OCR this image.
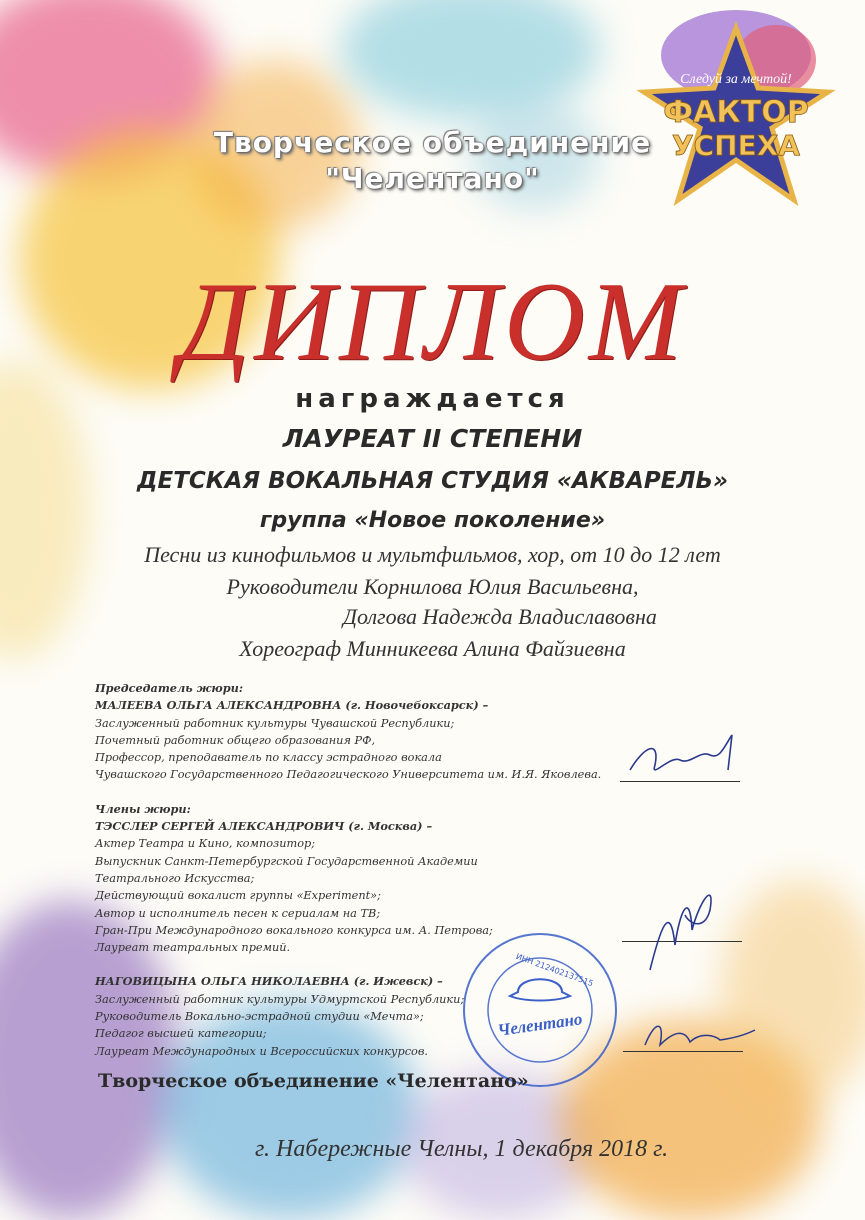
Следуй за мечтой!
ФАКТОР
УСПЕХА
Творческое объединение
"Челентано"
ДИПЛОМ
награждается
ЛАУРЕАТ II СТЕПЕНИ
ДЕТСКАЯ ВОКАЛЬНАЯ СТУДИЯ «АКВАРЕЛЬ»
группа «Новое поколение»
Песни из кинофильмов и мультфильмов, хор, от 10 до 12 лет
Руководители Корнилова Юлия Васильевна,
Долгова Надежда Владиславовна
Хореограф Минникеева Алина Файзиевна
Председатель жюри:
МАЛЕЕВА ОЛЬГА АЛЕКСАНДРОВНА (г. Новочебоксарск) –
Заслуженный работник культуры Чувашской Республики;
Почетный работник общего образования РФ,
Профессор, преподаватель по классу эстрадного вокала
Чувашского Государственного Педагогического Университета им. И.Я. Яковлева.
Члены жюри:
ТЭССЛЕР СЕРГЕЙ АЛЕКСАНДРОВИЧ (г. Москва) –
Актер Театра и Кино, композитор;
Выпускник Санкт-Петербургской Государственной Академии
Театрального Искусства;
Действующий вокалист группы «Experiment»;
Автор и исполнитель песен к сериалам на ТВ;
Гран-При Международного вокального конкурса им. А. Петрова;
Лауреат театральных премий.
НАГОВИЦЫНА ОЛЬГА НИКОЛАЕВНА (г. Ижевск) –
Заслуженный работник культуры Удмуртской Республики;
Руководитель Вокально-эстрадной студии «Мечта»;
Педагог высшей категории;
Лауреат Международных и Всероссийских конкурсов.
Челентано
ИНН 212402137515
Творческое объединение «Челентано»
г. Набережные Челны, 1 декабря 2018 г.
